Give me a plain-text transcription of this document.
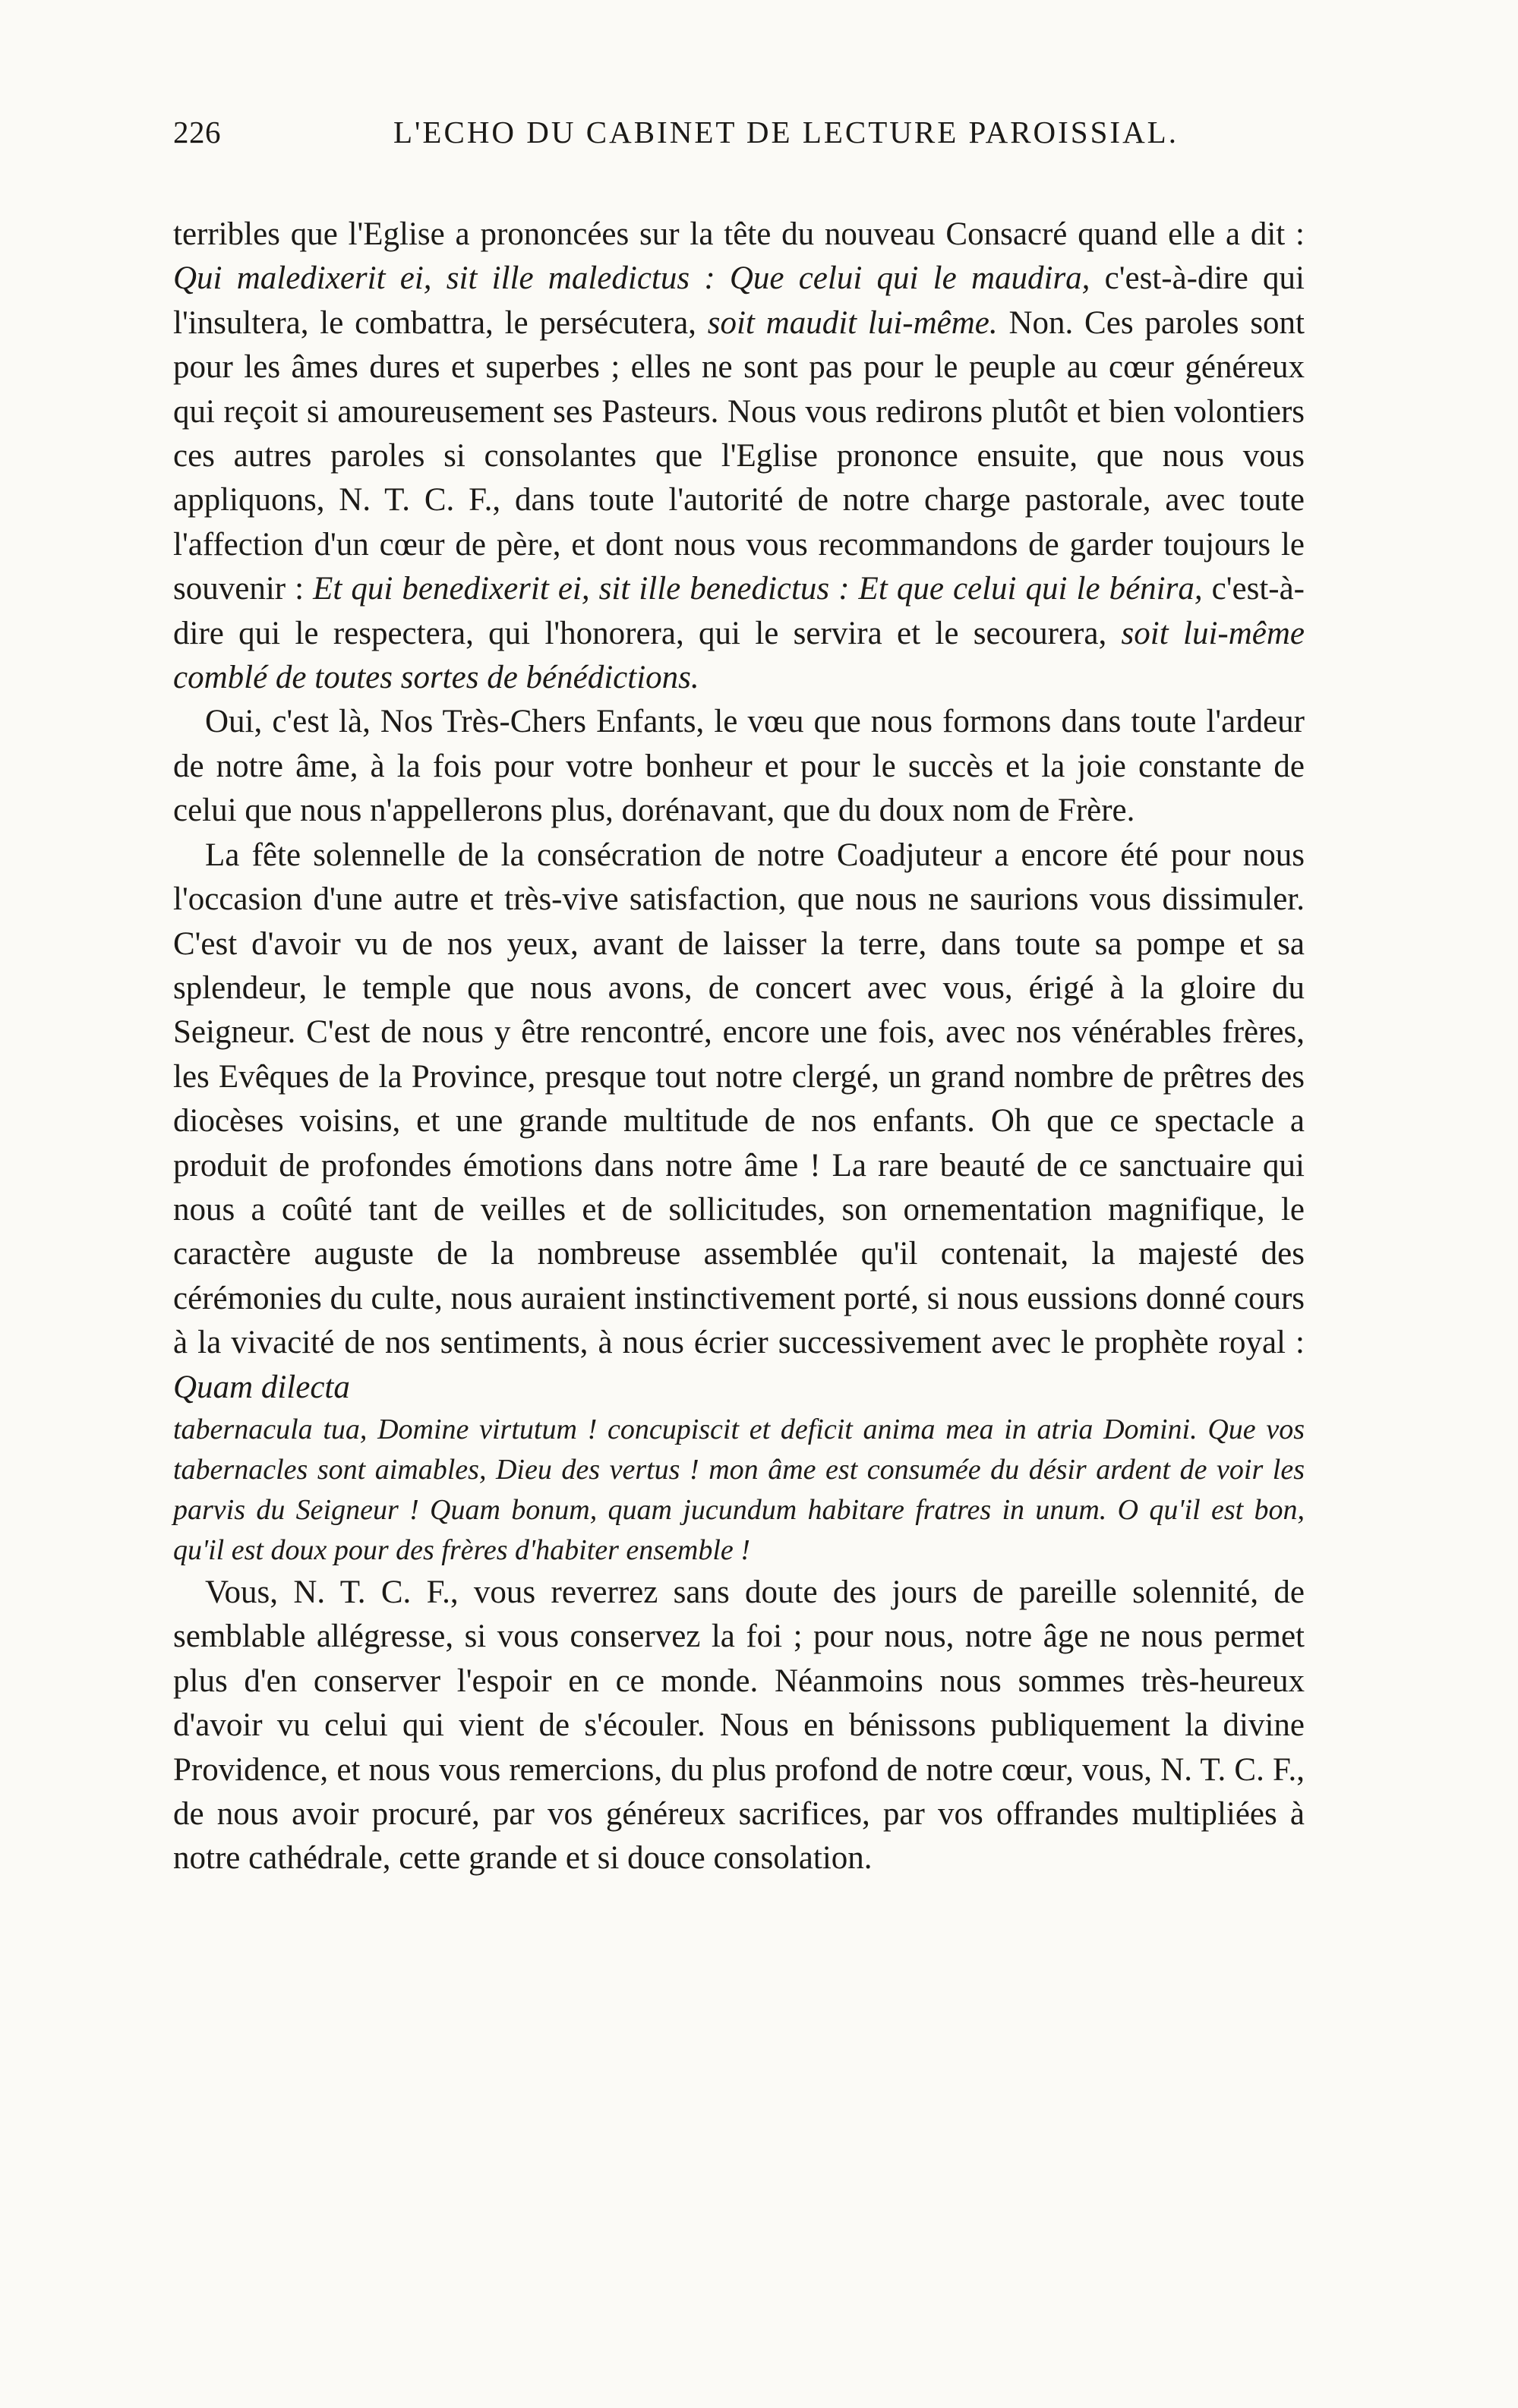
226	L'ECHO DU CABINET DE LECTURE PAROISSIAL.

terribles que l'Eglise a prononcées sur la tête du nouveau Consacré quand elle a dit : Qui maledixerit ei, sit ille maledictus : Que celui qui le maudira, c'est-à-dire qui l'insultera, le combattra, le persécutera, soit maudit lui-même. Non. Ces paroles sont pour les âmes dures et superbes ; elles ne sont pas pour le peuple au cœur généreux qui reçoit si amoureusement ses Pasteurs. Nous vous redirons plutôt et bien volontiers ces autres paroles si consolantes que l'Eglise prononce ensuite, que nous vous appliquons, N. T. C. F., dans toute l'autorité de notre charge pastorale, avec toute l'affection d'un cœur de père, et dont nous vous recommandons de garder toujours le souvenir : Et qui benedixerit ei, sit ille benedictus : Et que celui qui le bénira, c'est-à-dire qui le respectera, qui l'honorera, qui le servira et le secourera, soit lui-même comblé de toutes sortes de bénédictions.

Oui, c'est là, Nos Très-Chers Enfants, le vœu que nous formons dans toute l'ardeur de notre âme, à la fois pour votre bonheur et pour le succès et la joie constante de celui que nous n'appellerons plus, dorénavant, que du doux nom de Frère.

La fête solennelle de la consécration de notre Coadjuteur a encore été pour nous l'occasion d'une autre et très-vive satisfaction, que nous ne saurions vous dissimuler. C'est d'avoir vu de nos yeux, avant de laisser la terre, dans toute sa pompe et sa splendeur, le temple que nous avons, de concert avec vous, érigé à la gloire du Seigneur. C'est de nous y être rencontré, encore une fois, avec nos vénérables frères, les Evêques de la Province, presque tout notre clergé, un grand nombre de prêtres des diocèses voisins, et une grande multitude de nos enfants. Oh que ce spectacle a produit de profondes émotions dans notre âme ! La rare beauté de ce sanctuaire qui nous a coûté tant de veilles et de sollicitudes, son ornementation magnifique, le caractère auguste de la nombreuse assemblée qu'il contenait, la majesté des cérémonies du culte, nous auraient instinctivement porté, si nous eussions donné cours à la vivacité de nos sentiments, à nous écrier successivement avec le prophète royal : Quam dilecta

tabernacula tua, Domine virtutum ! concupiscit et deficit anima mea in atria Domini. Que vos tabernacles sont aimables, Dieu des vertus ! mon âme est consumée du désir ardent de voir les parvis du Seigneur ! Quam bonum, quam jucundum habitare fratres in unum. O qu'il est bon, qu'il est doux pour des frères d'habiter ensemble !

Vous, N. T. C. F., vous reverrez sans doute des jours de pareille solennité, de semblable allégresse, si vous conservez la foi ; pour nous, notre âge ne nous permet plus d'en conserver l'espoir en ce monde. Néanmoins nous sommes très-heureux d'avoir vu celui qui vient de s'écouler. Nous en bénissons publiquement la divine Providence, et nous vous remercions, du plus profond de notre cœur, vous, N. T. C. F., de nous avoir procuré, par vos généreux sacrifices, par vos offrandes multipliées à notre cathédrale, cette grande et si douce consolation.
